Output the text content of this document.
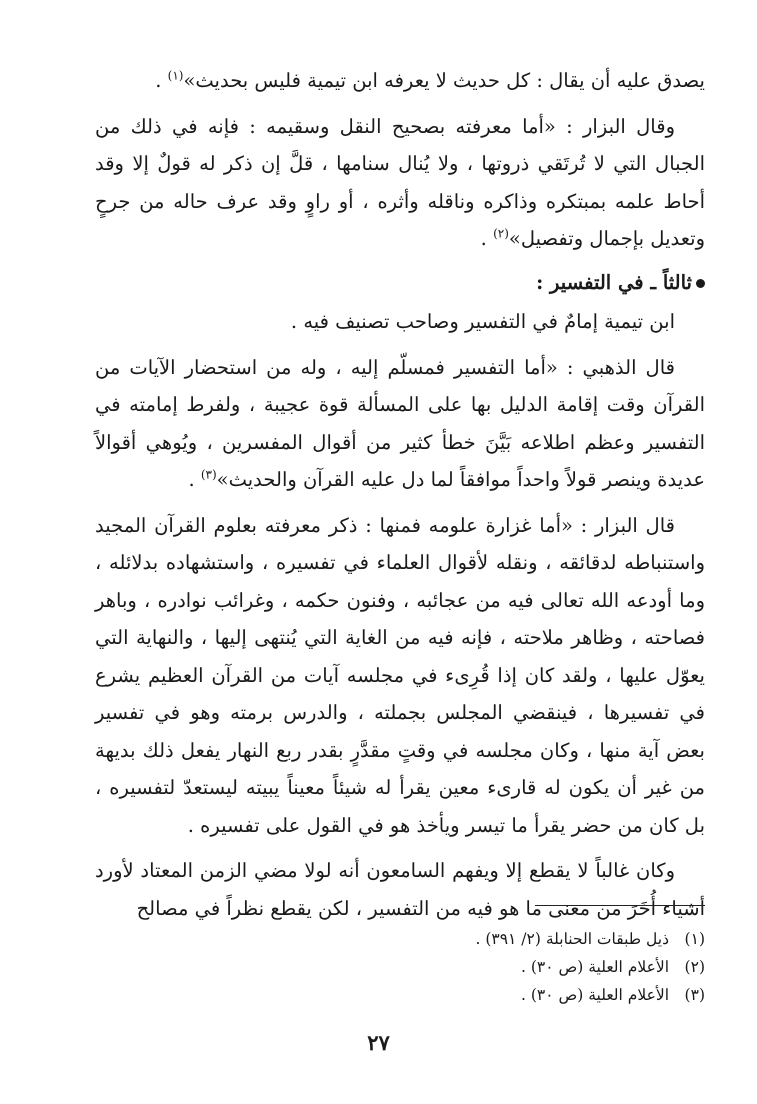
يصدق عليه أن يقال : كل حديث لا يعرفه ابن تيمية فليس بحديث»$^{(١)}$ .

وقال البزار : «أما معرفته بصحيح النقل وسقيمه : فإنه في ذلك من الجبال التي لا تُرتَقي ذروتها ، ولا يُنال سنامها ، قلَّ إن ذكر له قولٌ إلا وقد أحاط علمه بمبتكره وذاكره وناقله وأثره ، أو راوٍ وقد عرف حاله من جرحٍ وتعديل بإجمال وتفصيل»$^{(٢)}$ .

ثالثاً ـ في التفسير :

ابن تيمية إمامٌ في التفسير وصاحب تصنيف فيه .

قال الذهبي : «أما التفسير فمسلّم إليه ، وله من استحضار الآيات من القرآن وقت إقامة الدليل بها على المسألة قوة عجيبة ، ولفرط إمامته في التفسير وعظم اطلاعه بَيَّنَ خطأ كثير من أقوال المفسرين ، ويُوهي أقوالاً عديدة وينصر قولاً واحداً موافقاً لما دل عليه القرآن والحديث»$^{(٣)}$ .

قال البزار : «أما غزارة علومه فمنها : ذكر معرفته بعلوم القرآن المجيد واستنباطه لدقائقه ، ونقله لأقوال العلماء في تفسيره ، واستشهاده بدلائله ، وما أودعه الله تعالى فيه من عجائبه ، وفنون حكمه ، وغرائب نوادره ، وباهر فصاحته ، وظاهر ملاحته ، فإنه فيه من الغاية التي يُنتهى إليها ، والنهاية التي يعوّل عليها ، ولقد كان إذا قُرِىء في مجلسه آيات من القرآن العظيم يشرع في تفسيرها ، فينقضي المجلس بجملته ، والدرس برمته وهو في تفسير بعض آية منها ، وكان مجلسه في وقتٍ مقدَّرٍ بقدر ربع النهار يفعل ذلك بديهة من غير أن يكون له قارىء معين يقرأ له شيئاً معيناً يبيته ليستعدّ لتفسيره ، بل كان من حضر يقرأ ما تيسر ويأخذ هو في القول على تفسيره .

وكان غالباً لا يقطع إلا ويفهم السامعون أنه لولا مضي الزمن المعتاد لأورد أشياء أُخَرَ من معنى ما هو فيه من التفسير ، لكن يقطع نظراً في مصالح

(١)
ذيل طبقات الحنابلة (٢/ ٣٩١) .
(٢)
الأعلام العلية (ص ٣٠) .
(٣)
الأعلام العلية (ص ٣٠) .
٢٧
